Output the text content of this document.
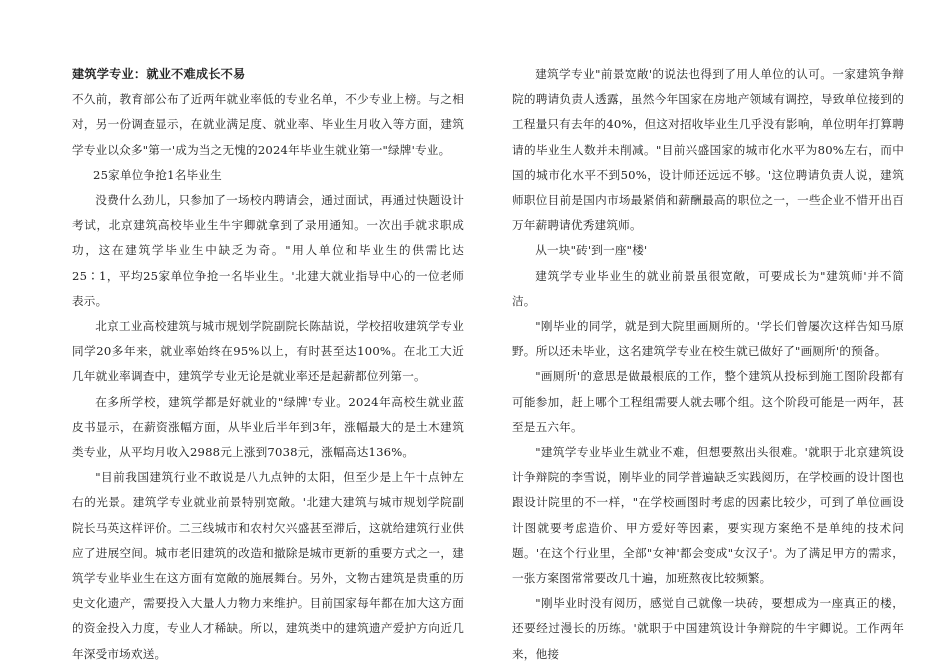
建筑学专业：就业不难成长不易

不久前，教育部公布了近两年就业率低的专业名单，不少专业上榜。与之相对，另一份调查显示，在就业满足度、就业率、毕业生月收入等方面，建筑学专业以众多"第一'成为当之无愧的2024年毕业生就业第一"绿牌'专业。

25家单位争抢1名毕业生

没费什么劲儿，只参加了一场校内聘请会，通过面试，再通过快题设计考试，北京建筑高校毕业生牛宇卿就拿到了录用通知。一次出手就求职成功，这在建筑学毕业生中缺乏为奇。"用人单位和毕业生的供需比达25∶1，平均25家单位争抢一名毕业生。'北建大就业指导中心的一位老师表示。

北京工业高校建筑与城市规划学院副院长陈喆说，学校招收建筑学专业同学20多年来，就业率始终在95%以上，有时甚至达100%。在北工大近几年就业率调查中，建筑学专业无论是就业率还是起薪都位列第一。

在多所学校，建筑学都是好就业的"绿牌'专业。2024年高校生就业蓝皮书显示，在薪资涨幅方面，从毕业后半年到3年，涨幅最大的是土木建筑类专业，从平均月收入2988元上涨到7038元，涨幅高达136%。

"目前我国建筑行业不敢说是八九点钟的太阳，但至少是上午十点钟左右的光景。建筑学专业就业前景特别宽敞。'北建大建筑与城市规划学院副院长马英这样评价。二三线城市和农村欠兴盛甚至滞后，这就给建筑行业供应了进展空间。城市老旧建筑的改造和撤除是城市更新的重要方式之一，建筑学专业毕业生在这方面有宽敞的施展舞台。另外，文物古建筑是贵重的历史文化遗产，需要投入大量人力物力来维护。目前国家每年都在加大这方面的资金投入力度，专业人才稀缺。所以，建筑类中的建筑遗产爱护方向近几年深受市场欢送。

建筑学专业"前景宽敞'的说法也得到了用人单位的认可。一家建筑争辩院的聘请负责人透露，虽然今年国家在房地产领域有调控，导致单位接到的工程量只有去年的40%，但这对招收毕业生几乎没有影响，单位明年打算聘请的毕业生人数并未削减。"目前兴盛国家的城市化水平为80%左右，而中国的城市化水平不到50%，设计师还远远不够。'这位聘请负责人说，建筑师职位目前是国内市场最紧俏和薪酬最高的职位之一，一些企业不惜开出百万年薪聘请优秀建筑师。

从一块"砖'到一座"楼'

建筑学专业毕业生的就业前景虽很宽敞，可要成长为"建筑师'并不简洁。

"刚毕业的同学，就是到大院里画厕所的。'学长们曾屡次这样告知马原野。所以还未毕业，这名建筑学专业在校生就已做好了"画厕所'的预备。

"画厕所'的意思是做最根底的工作，整个建筑从投标到施工图阶段都有可能参加，赶上哪个工程组需要人就去哪个组。这个阶段可能是一两年，甚至是五六年。

"建筑学专业毕业生就业不难，但想要熬出头很难。'就职于北京建筑设计争辩院的李雪说，刚毕业的同学普遍缺乏实践阅历，在学校画的设计图也跟设计院里的不一样，"在学校画图时考虑的因素比较少，可到了单位画设计图就要考虑造价、甲方爱好等因素，要实现方案绝不是单纯的技术问题。'在这个行业里，全部"女神'都会变成"女汉子'。为了满足甲方的需求，一张方案图常常要改几十遍，加班熬夜比较频繁。

"刚毕业时没有阅历，感觉自己就像一块砖，要想成为一座真正的楼，还要经过漫长的历练。'就职于中国建筑设计争辩院的牛宇卿说。工作两年来，他接
